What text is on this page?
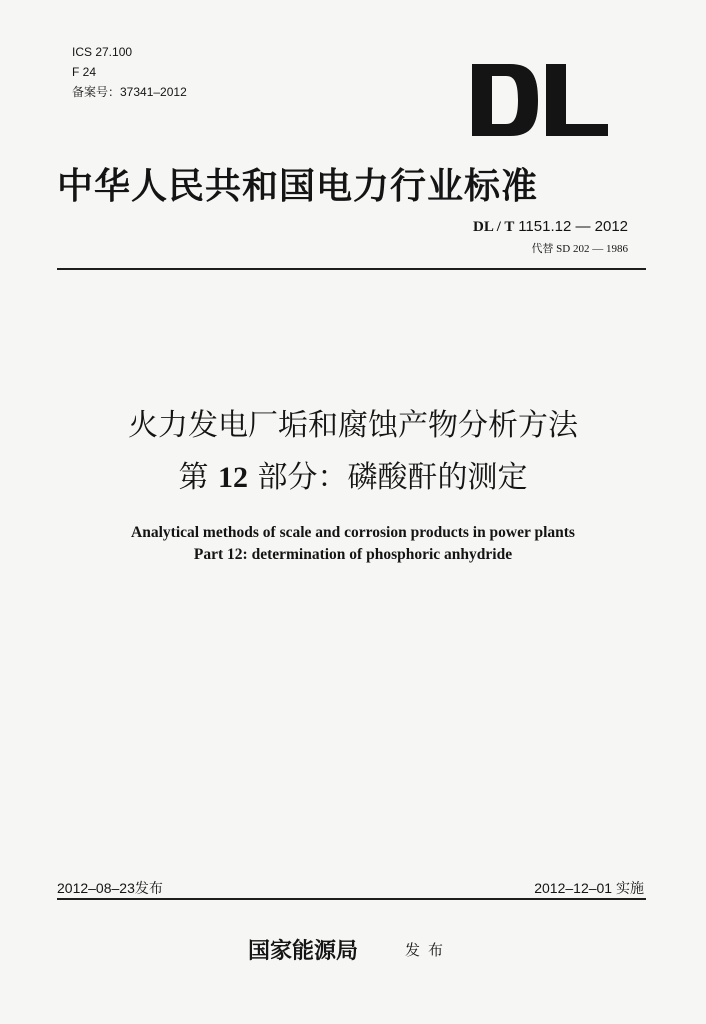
ICS 27.100
F 24
备案号：37341–2012
中华人民共和国电力行业标准
DL / T 1151.12 — 2012
代替 SD 202 — 1986
火力发电厂垢和腐蚀产物分析方法
第 12 部分：磷酸酐的测定
Analytical methods of scale and corrosion products in power plants
Part 12: determination of phosphoric anhydride
2012–08–23发布	2012–12–01 实施
国家能源局	发布
